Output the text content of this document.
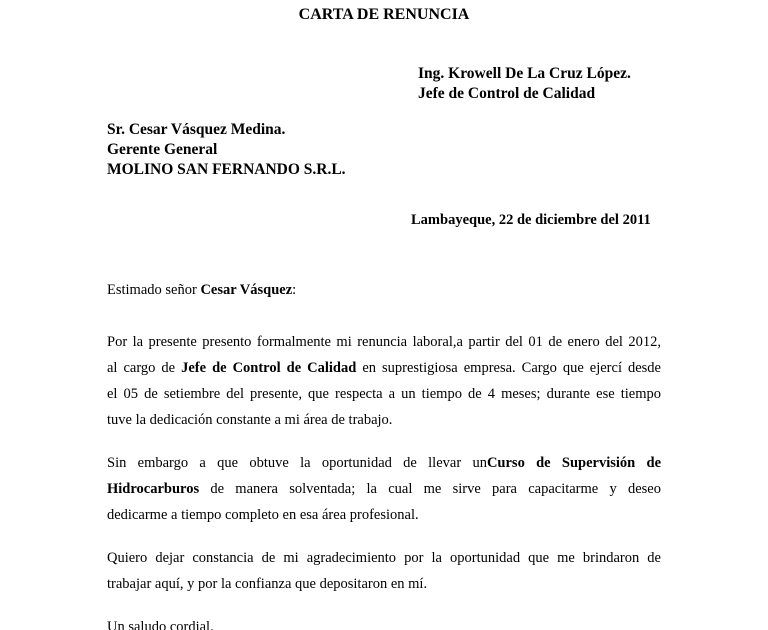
CARTA DE RENUNCIA
Ing. Krowell De La Cruz López.
Jefe de Control de Calidad
Sr. Cesar Vásquez Medina.
Gerente General
MOLINO SAN FERNANDO S.R.L.
Lambayeque, 22 de diciembre del 2011
Estimado señor Cesar Vásquez:
Por la presente presento formalmente mi renuncia laboral,a partir del 01 de enero del 2012,
al cargo de Jefe de Control de Calidad en suprestigiosa empresa. Cargo que ejercí desde
el 05 de setiembre del presente, que respecta a un tiempo de 4 meses; durante ese tiempo
tuve la dedicación constante a mi área de trabajo.
Sin embargo a que obtuve la oportunidad de llevar unCurso de Supervisión de
Hidrocarburos de manera solventada; la cual me sirve para capacitarme y deseo
dedicarme a tiempo completo en esa área profesional.
Quiero dejar constancia de mi agradecimiento por la oportunidad que me brindaron de
trabajar aquí, y por la confianza que depositaron en mí.
Un saludo cordial.
